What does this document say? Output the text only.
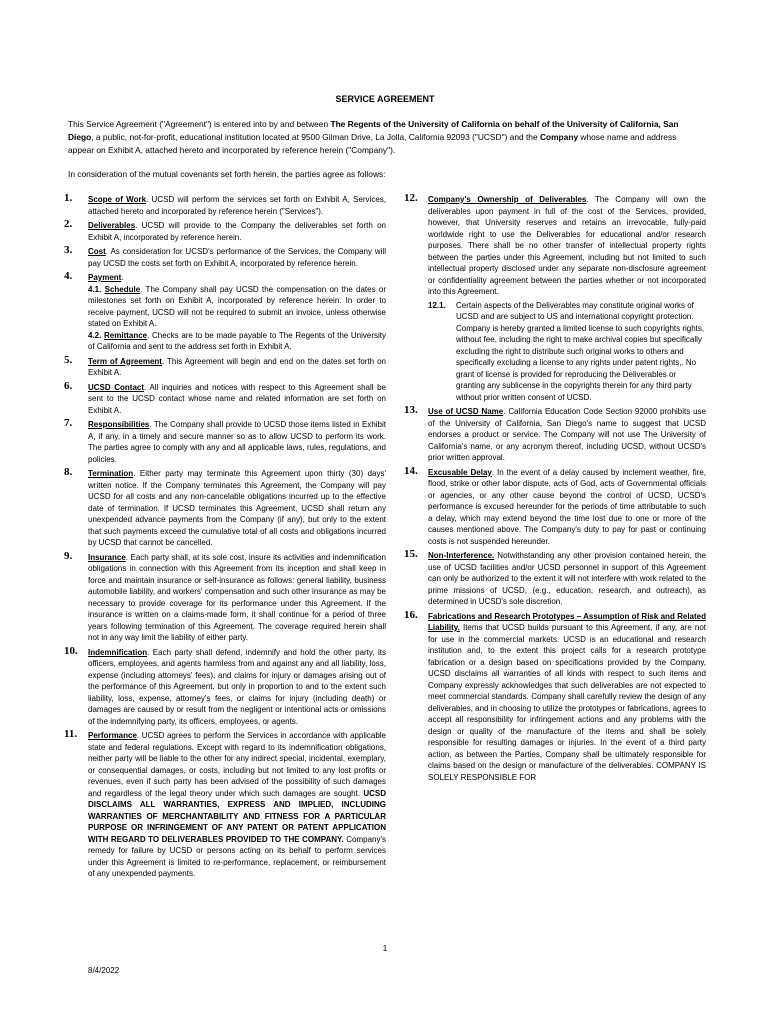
SERVICE AGREEMENT
This Service Agreement ("Agreement") is entered into by and between The Regents of the University of California on behalf of the University of California, San Diego, a public, not-for-profit, educational institution located at 9500 Gilman Drive, La Jolla, California 92093 ("UCSD") and the Company whose name and address appear on Exhibit A, attached hereto and incorporated by reference herein ("Company").
In consideration of the mutual covenants set forth herein, the parties agree as follows:
1. Scope of Work. UCSD will perform the services set forth on Exhibit A, Services, attached hereto and incorporated by reference herein ("Services").
2. Deliverables. UCSD will provide to the Company the deliverables set forth on Exhibit A, incorporated by reference herein.
3. Cost. As consideration for UCSD's performance of the Services, the Company will pay UCSD the costs set forth on Exhibit A, incorporated by reference herein.
4. Payment.
4.1. Schedule. The Company shall pay UCSD the compensation on the dates or milestones set forth on Exhibit A, incorporated by reference herein. In order to receive payment, UCSD will not be required to submit an invoice, unless otherwise stated on Exhibit A.
4.2. Remittance. Checks are to be made payable to The Regents of the University of California and sent to the address set forth in Exhibit A.
5. Term of Agreement. This Agreement will begin and end on the dates set forth on Exhibit A.
6. UCSD Contact. All inquiries and notices with respect to this Agreement shall be sent to the UCSD contact whose name and related information are set forth on Exhibit A.
7. Responsibilities. The Company shall provide to UCSD those items listed in Exhibit A, if any, in a timely and secure manner so as to allow UCSD to perform its work. The parties agree to comply with any and all applicable laws, rules, regulations, and policies.
8. Termination. Either party may terminate this Agreement upon thirty (30) days' written notice. If the Company terminates this Agreement, the Company will pay UCSD for all costs and any non-cancelable obligations incurred up to the effective date of termination. If UCSD terminates this Agreement, UCSD shall return any unexpended advance payments from the Company (if any), but only to the extent that such payments exceed the cumulative total of all costs and obligations incurred by UCSD that cannot be cancelled.
9. Insurance. Each party shall, at its sole cost, insure its activities and indemnification obligations in connection with this Agreement from its inception and shall keep in force and maintain insurance or self-insurance as follows: general liability, business automobile liability, and workers' compensation and such other insurance as may be necessary to provide coverage for its performance under this Agreement. If the insurance is written on a claims-made form, it shall continue for a period of three years following termination of this Agreement. The coverage required herein shall not in any way limit the liability of either party.
10. Indemnification. Each party shall defend, indemnify and hold the other party, its officers, employees, and agents harmless from and against any and all liability, loss, expense (including attorneys' fees), and claims for injury or damages arising out of the performance of this Agreement, but only in proportion to and to the extent such liability, loss, expense, attorney's fees, or claims for injury (including death) or damages are caused by or result from the negligent or intentional acts or omissions of the indemnifying party, its officers, employees, or agents.
11. Performance. UCSD agrees to perform the Services in accordance with applicable state and federal regulations. Except with regard to its indemnification obligations, neither party will be liable to the other for any indirect special, incidental, exemplary, or consequential damages, or costs, including but not limited to any lost profits or revenues, even if such party has been advised of the possibility of such damages and regardless of the legal theory under which such damages are sought. UCSD DISCLAIMS ALL WARRANTIES, EXPRESS AND IMPLIED, INCLUDING WARRANTIES OF MERCHANTABILITY AND FITNESS FOR A PARTICULAR PURPOSE OR INFRINGEMENT OF ANY PATENT OR PATENT APPLICATION WITH REGARD TO DELIVERABLES PROVIDED TO THE COMPANY. Company's remedy for failure by UCSD or persons acting on its behalf to perform services under this Agreement is limited to re-performance, replacement, or reimbursement of any unexpended payments.
12. Company's Ownership of Deliverables. The Company will own the deliverables upon payment in full of the cost of the Services, provided, however, that University reserves and retains an irrevocable, fully-paid worldwide right to use the Deliverables for educational and/or research purposes. There shall be no other transfer of intellectual property rights between the parties under this Agreement, including but not limited to such intellectual property disclosed under any separate non-disclosure agreement or confidentiality agreement between the parties whether or not incorporated into this Agreement.
12.1. Certain aspects of the Deliverables may constitute original works of UCSD and are subject to US and international copyright protection. Company is hereby granted a limited license to such copyrights rights, without fee, including the right to make archival copies but specifically excluding the right to distribute such original works to others and specifically excluding a license to any rights under patent rights,. No grant of license is provided for reproducing the Deliverables or granting any sublicense in the copyrights therein for any third party without prior written consent of UCSD.
13. Use of UCSD Name. California Education Code Section 92000 prohibits use of the University of California, San Diego's name to suggest that UCSD endorses a product or service. The Company will not use The University of California's name, or any acronym thereof, including UCSD, without UCSD's prior written approval.
14. Excusable Delay. In the event of a delay caused by inclement weather, fire, flood, strike or other labor dispute, acts of God, acts of Governmental officials or agencies, or any other cause beyond the control of UCSD, UCSD's performance is excused hereunder for the periods of time attributable to such a delay, which may extend beyond the time lost due to one or more of the causes mentioned above. The Company's duty to pay for past or continuing costs is not suspended hereunder.
15. Non-Interference. Notwithstanding any other provision contained herein, the use of UCSD facilities and/or UCSD personnel in support of this Agreement can only be authorized to the extent it will not interfere with work related to the prime missions of UCSD, (e.g., education, research, and outreach), as determined in UCSD's sole discretion.
16. Fabrications and Research Prototypes – Assumption of Risk and Related Liability. Items that UCSD builds pursuant to this Agreement, if any, are not for use in the commercial markets. UCSD is an educational and research institution and, to the extent this project calls for a research prototype fabrication or a design based on specifications provided by the Company, UCSD disclaims all warranties of all kinds with respect to such items and Company expressly acknowledges that such deliverables are not expected to meet commercial standards. Company shall carefully review the design of any deliverables, and in choosing to utilize the prototypes or fabrications, agrees to accept all responsibility for infringement actions and any problems with the design or quality of the manufacture of the items and shall be solely responsible for resulting damages or injuries. In the event of a third party action, as between the Parties, Company shall be ultimately responsible for claims based on the design or manufacture of the deliverables. COMPANY IS SOLELY RESPONSIBLE FOR
1
8/4/2022
